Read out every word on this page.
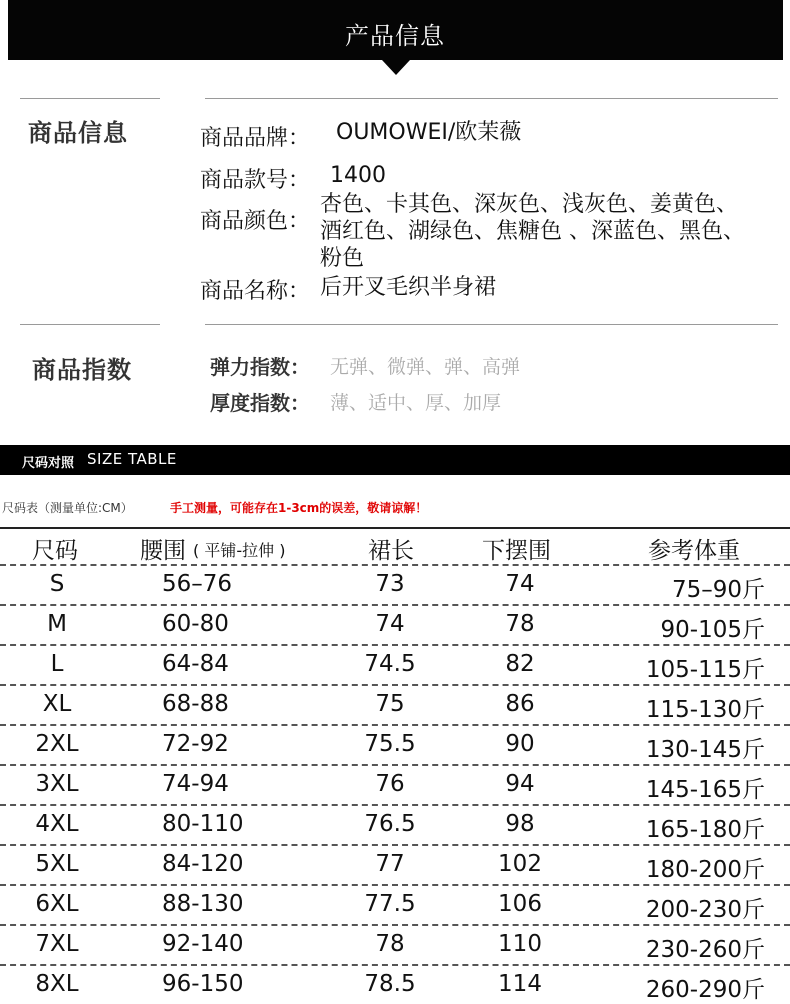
产品信息
商品信息	商品品牌： OUMOWEI/欧茉薇
商品款号： 1400
商品颜色：
杏色、卡其色、深灰色、浅灰色、姜黄色、
酒红色、湖绿色、焦糖色 、深蓝色、黑色、
粉色
商品名称： 后开叉毛织半身裙
商品指数	弹力指数： 无弹、微弹、弹、高弹
厚度指数： 薄、适中、厚、加厚
尺码对照 SIZE TABLE
尺码表（测量单位:CM）	手工测量，可能存在1-3cm的误差，敬请谅解！
尺码	腰围 ( 平铺-拉伸 )	裙长	下摆围	参考体重
S	56–76	73	74	75–90斤
M	60-80	74	78	90-105斤
L	64-84	74.5	82	105-115斤
XL	68-88	75	86	115-130斤
2XL	72-92	75.5	90	130-145斤
3XL	74-94	76	94	145-165斤
4XL	80-110	76.5	98	165-180斤
5XL	84-120	77	102	180-200斤
6XL	88-130	77.5	106	200-230斤
7XL	92-140	78	110	230-260斤
8XL	96-150	78.5	114	260-290斤
